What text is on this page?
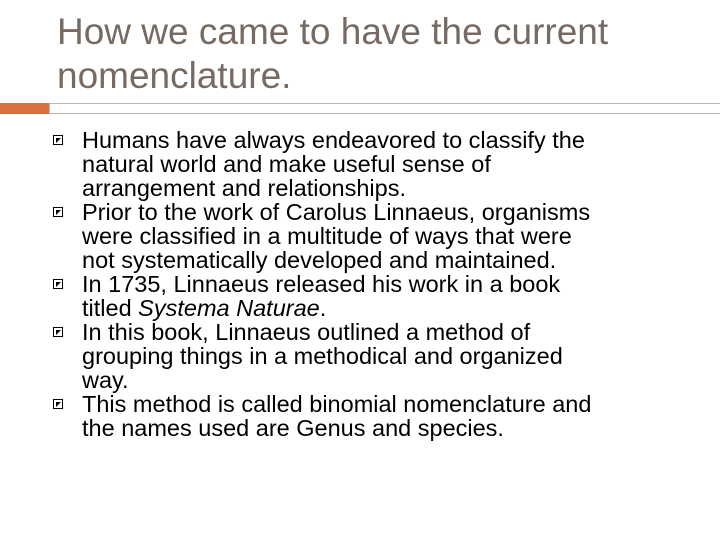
How we came to have the current
nomenclature.
Humans have always endeavored to classify the
natural world and make useful sense of
arrangement and relationships.
Prior to the work of Carolus Linnaeus, organisms
were classified in a multitude of ways that were
not systematically developed and maintained.
In 1735, Linnaeus released his work in a book
titled Systema Naturae.
In this book, Linnaeus outlined a method of
grouping things in a methodical and organized
way.
This method is called binomial nomenclature and
the names used are Genus and species.
